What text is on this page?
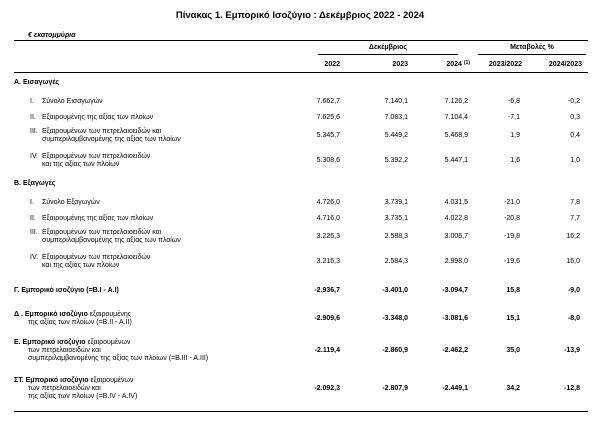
Πίνακας 1. Εμπορικό Ισοζύγιο : Δεκέμβριος 2022 - 2024
€ εκατομμύρια
Δεκέμβριος	Μεταβολές %
2022	2023	2024 $^{(1)}$	2023/2022	2024/2023
Α. Εισαγωγές
I. Σύνολο Εισαγωγών	7.662,7	7.140,1	7.126,2	-6,8	-0,2
II. Εξαιρουμένης της αξίας των πλοίων	7.625,6	7.083,1	7.104,4	-7,1	0,3
III. Εξαιρουμένων των πετρελαιοειδών και
συμπεριλαμβανομένης της αξίας των πλοίων
5.345,7	5.449,2	5.468,9	1,9	0,4
IV. Εξαιρουμένων των πετρελαιοειδών
και της αξίας των πλοίων
5.308,6	5.392,2	5.447,1	1,6	1,0
Β. Εξαγωγές
I. Σύνολο Εξαγωγών	4.726,0	3.739,1	4.031,5	-21,0	7,8
II. Εξαιρουμένης της αξίας των πλοίων	4.716,0	3.735,1	4.022,8	-20,8	7,7
III. Εξαιρουμένων των πετρελαιοειδών και
συμπεριλαμβανομένης της αξίας των πλοίων
3.226,3	2.588,3	3.006,7	-19,8	16,2
IV. Εξαιρουμένων των πετρελαιοειδών
και της αξίας των πλοίων
3.216,3	2.584,3	2.998,0	-19,6	16,0
Γ. Εμπορικό ισοζύγιο (=B.I - A.I)	-2.936,7	-3.401,0	-3.094,7	15,8	-9,0
Δ . Εμπορικό ισοζύγιο εξαιρουμένης
της αξίας των πλοίων (=B.II - A.II)
-2.909,6	-3.348,0	-3.081,6	15,1	-8,0
Ε. Εμπορικό ισοζύγιο εξαιρουμένων
των πετρελαιοειδών και
συμπεριλαμβανομένης της αξίας των πλοίων (=B.III - A.III)
-2.119,4	-2.860,9	-2.462,2	35,0	-13,9
ΣΤ. Εμπορικό ισοζύγιο εξαιρουμένων
των πετρελαιοειδών και
της αξίας των πλοίων (=B.IV - A.IV)
-2.092,3	-2.807,9	-2.449,1	34,2	-12,8
